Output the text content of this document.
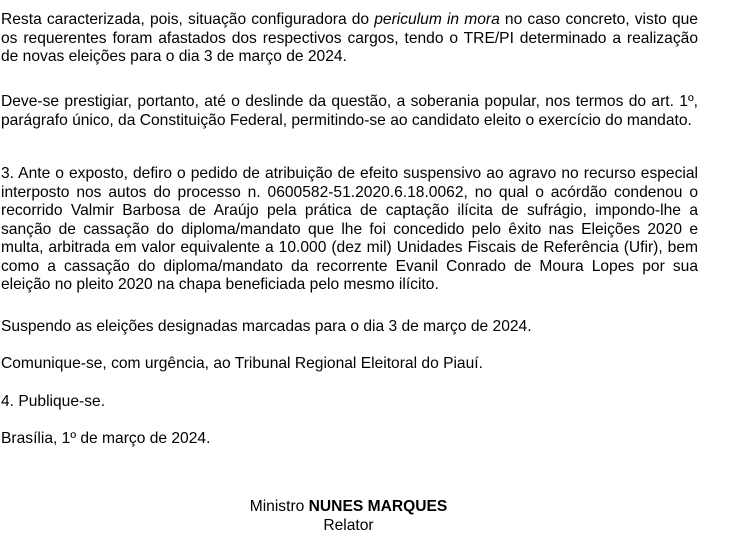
Resta caracterizada, pois, situação configuradora do periculum in mora no caso concreto, visto que os requerentes foram afastados dos respectivos cargos, tendo o TRE/PI determinado a realização de novas eleições para o dia 3 de março de 2024.

Deve-se prestigiar, portanto, até o deslinde da questão, a soberania popular, nos termos do art. 1º, parágrafo único, da Constituição Federal, permitindo-se ao candidato eleito o exercício do mandato.

3. Ante o exposto, defiro o pedido de atribuição de efeito suspensivo ao agravo no recurso especial interposto nos autos do processo n. 0600582-51.2020.6.18.0062, no qual o acórdão condenou o recorrido Valmir Barbosa de Araújo pela prática de captação ilícita de sufrágio, impondo-lhe a sanção de cassação do diploma/mandato que lhe foi concedido pelo êxito nas Eleições 2020 e multa, arbitrada em valor equivalente a 10.000 (dez mil) Unidades Fiscais de Referência (Ufir), bem como a cassação do diploma/mandato da recorrente Evanil Conrado de Moura Lopes por sua eleição no pleito 2020 na chapa beneficiada pelo mesmo ilícito.

Suspendo as eleições designadas marcadas para o dia 3 de março de 2024.

Comunique-se, com urgência, ao Tribunal Regional Eleitoral do Piauí.

4. Publique-se.

Brasília, 1º de março de 2024.

Ministro NUNES MARQUES
Relator
